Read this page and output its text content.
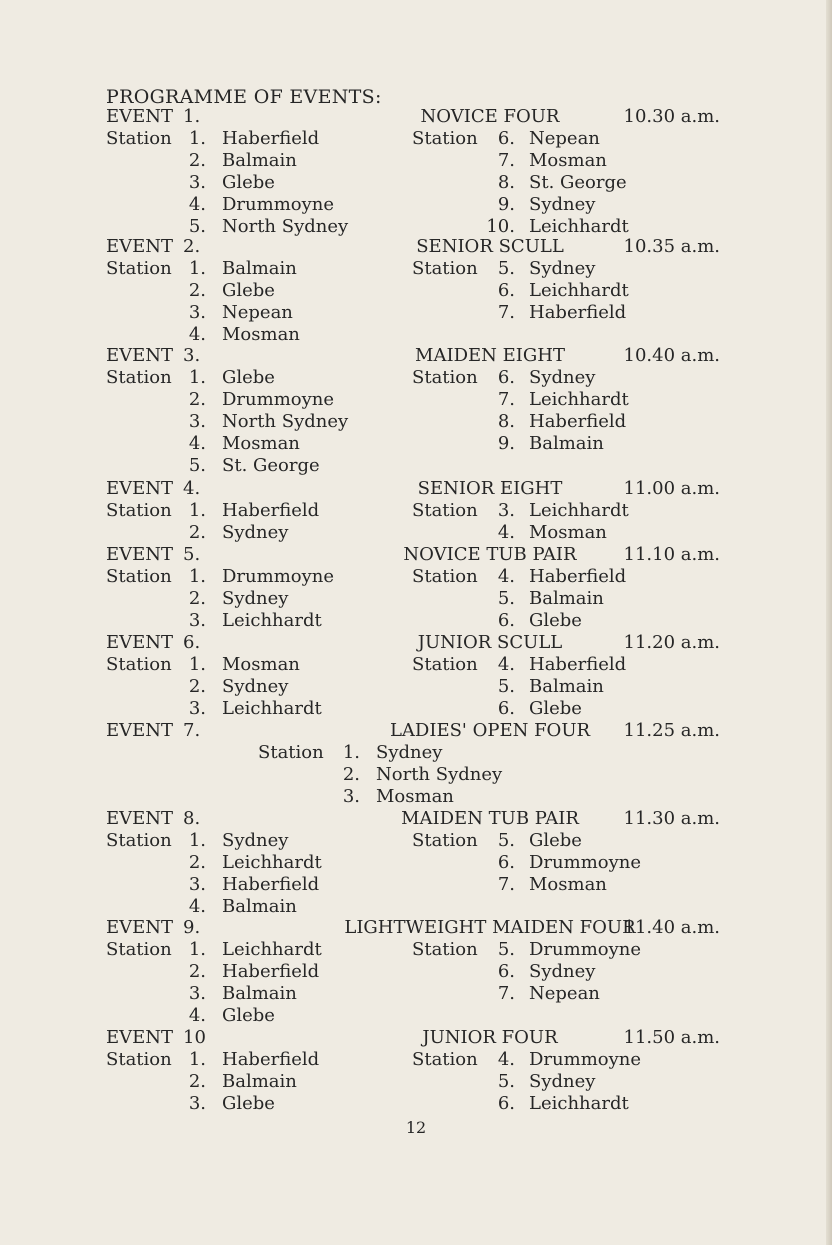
PROGRAMME OF EVENTS:
EVENT 1.	NOVICE FOUR	10.30 a.m.
Station 1. Haberfield
2. Balmain
3. Glebe
4. Drummoyne
5. North Sydney
Station 6. Nepean
7. Mosman
8. St. George
9. Sydney
10. Leichhardt
EVENT 2.	SENIOR SCULL	10.35 a.m.
Station 1. Balmain
2. Glebe
3. Nepean
4. Mosman
Station 5. Sydney
6. Leichhardt
7. Haberfield
EVENT 3.	MAIDEN EIGHT	10.40 a.m.
Station 1. Glebe
2. Drummoyne
3. North Sydney
4. Mosman
5. St. George
Station 6. Sydney
7. Leichhardt
8. Haberfield
9. Balmain
EVENT 4.	SENIOR EIGHT	11.00 a.m.
Station 1. Haberfield
2. Sydney
Station 3. Leichhardt
4. Mosman
EVENT 5.	NOVICE TUB PAIR	11.10 a.m.
Station 1. Drummoyne
2. Sydney
3. Leichhardt
Station 4. Haberfield
5. Balmain
6. Glebe
EVENT 6.	JUNIOR SCULL	11.20 a.m.
Station 1. Mosman
2. Sydney
3. Leichhardt
Station 4. Haberfield
5. Balmain
6. Glebe
EVENT 7.	LADIES' OPEN FOUR 11.25 a.m.
Station 1. Sydney
2. North Sydney
3. Mosman
EVENT 8.	MAIDEN TUB PAIR 11.30 a.m.
Station 1. Sydney
2. Leichhardt
3. Haberfield
4. Balmain
Station 5. Glebe
6. Drummoyne
7. Mosman
EVENT 9.	LIGHTWEIGHT MAIDEN FOUR
11.40 a.m.
Station 1. Leichhardt
2. Haberfield
3. Balmain
4. Glebe
Station 5. Drummoyne
6. Sydney
7. Nepean
EVENT 10	JUNIOR FOUR	11.50 a.m.
Station 1. Haberfield
2. Balmain
3. Glebe
Station 4. Drummoyne
5. Sydney
6. Leichhardt
12
